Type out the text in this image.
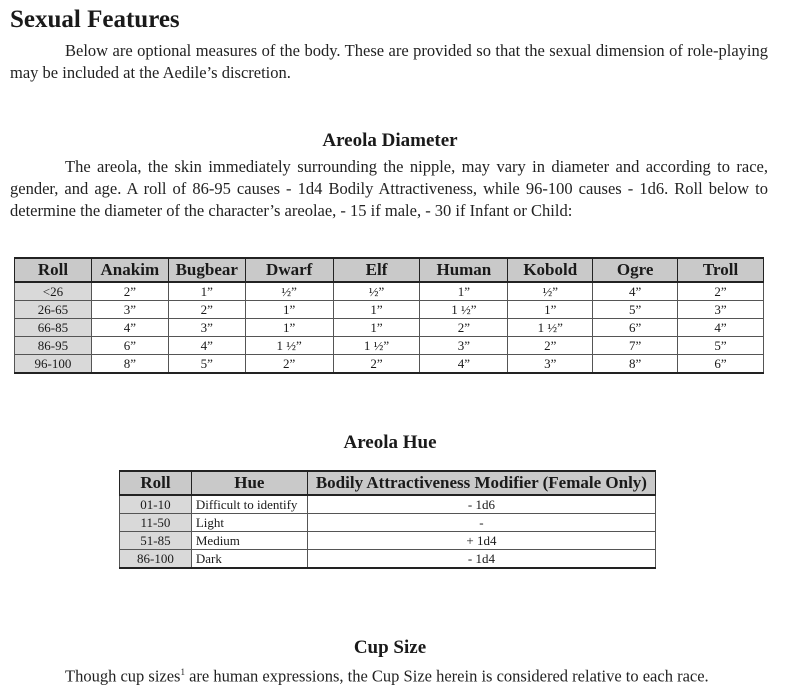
Sexual Features

Below are optional measures of the body. These are provided so that the sexual dimension of role-playing may be included at the Aedile’s discretion.

Areola Diameter

The areola, the skin immediately surrounding the nipple, may vary in diameter and according to race, gender, and age. A roll of 86-95 causes - 1d4 Bodily Attractiveness, while 96-100 causes - 1d6. Roll below to determine the diameter of the character’s areolae, - 15 if male, - 30 if Infant or Child:

Roll	Anakim	Bugbear	Dwarf	Elf	Human	Kobold	Ogre	Troll
<26	2”	1”	½”	½”	1”	½”	4”	2”
26-65	3”	2”	1”	1”	1 ½”	1”	5”	3”
66-85	4”	3”	1”	1”	2”	1 ½”	6”	4”
86-95	6”	4”	1 ½”	1 ½”	3”	2”	7”	5”
96-100	8”	5”	2”	2”	4”	3”	8”	6”
Areola Hue
Roll	Hue	Bodily Attractiveness Modifier (Female Only)
01-10	Difficult to identify	- 1d6
11-50	Light	-
51-85	Medium	+ 1d4
86-100	Dark	- 1d4
Cup Size

Though cup sizes$^1$ are human expressions, the Cup Size herein is considered relative to each race.
